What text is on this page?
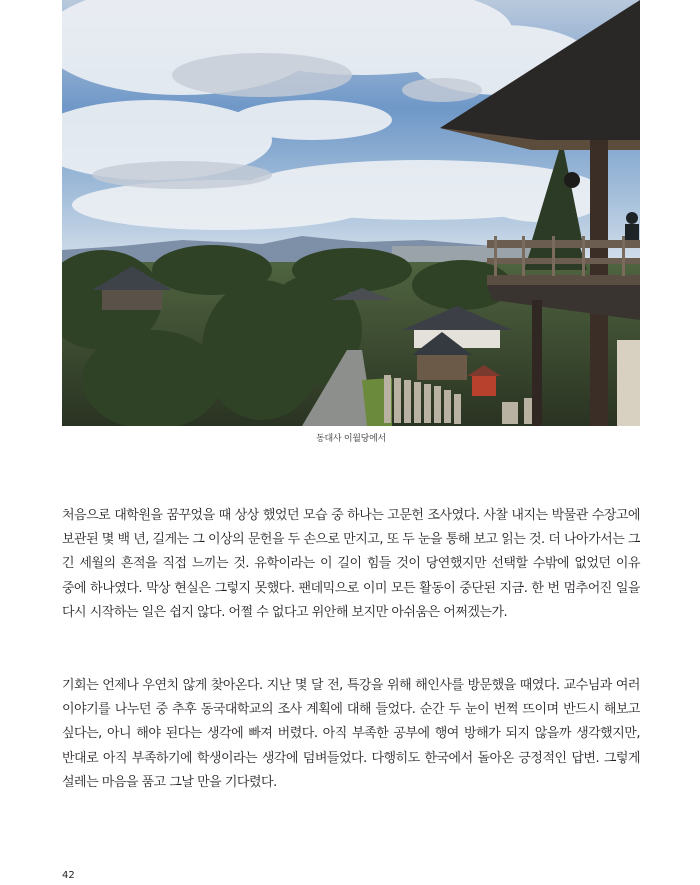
동대사 이월당에서

처음으로 대학원을 꿈꾸었을 때 상상 했었던 모습 중 하나는 고문헌 조사였다. 사찰 내지는 박물관 수장고에 보관된 몇 백 년, 길게는 그 이상의 문헌을 두 손으로 만지고, 또 두 눈을 통해 보고 읽는 것. 더 나아가서는 그 긴 세월의 흔적을 직접 느끼는 것. 유학이라는 이 길이 힘들 것이 당연했지만 선택할 수밖에 없었던 이유 중에 하나였다. 막상 현실은 그렇지 못했다. 팬데믹으로 이미 모든 활동이 중단된 지금. 한 번 멈추어진 일을 다시 시작하는 일은 쉽지 않다. 어쩔 수 없다고 위안해 보지만 아쉬움은 어쩌겠는가.

기회는 언제나 우연치 않게 찾아온다. 지난 몇 달 전, 특강을 위해 해인사를 방문했을 때였다. 교수님과 여러 이야기를 나누던 중 추후 동국대학교의 조사 계획에 대해 들었다. 순간 두 눈이 번쩍 뜨이며 반드시 해보고 싶다는, 아니 해야 된다는 생각에 빠져 버렸다. 아직 부족한 공부에 행여 방해가 되지 않을까 생각했지만, 반대로 아직 부족하기에 학생이라는 생각에 덤벼들었다. 다행히도 한국에서 돌아온 긍정적인 답변. 그렇게 설레는 마음을 품고 그날 만을 기다렸다.

42
